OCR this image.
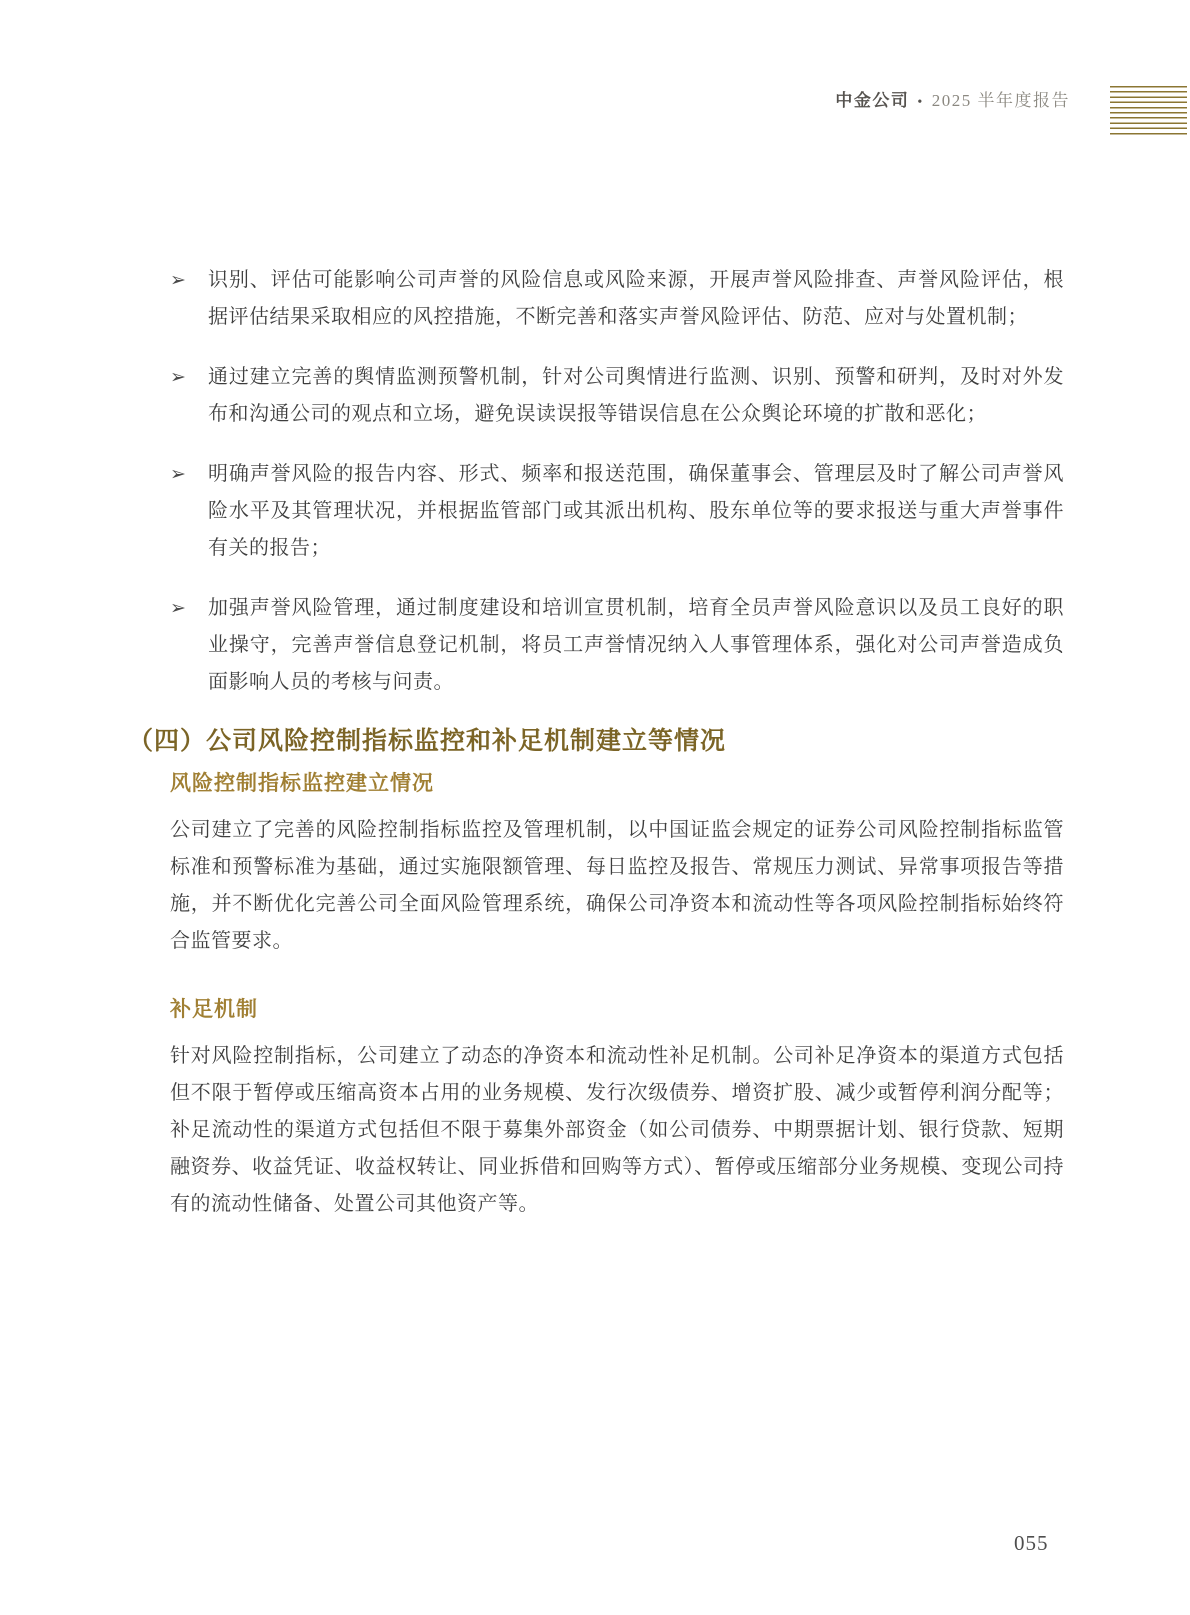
中金公司 • 2025 半年度报告
➢ 识别、评估可能影响公司声誉的风险信息或风险来源，开展声誉风险排查、声誉风险评估，根据评估结果采取相应的风控措施，不断完善和落实声誉风险评估、防范、应对与处置机制；
➢ 通过建立完善的舆情监测预警机制，针对公司舆情进行监测、识别、预警和研判，及时对外发布和沟通公司的观点和立场，避免误读误报等错误信息在公众舆论环境的扩散和恶化；
➢ 明确声誉风险的报告内容、形式、频率和报送范围，确保董事会、管理层及时了解公司声誉风险水平及其管理状况，并根据监管部门或其派出机构、股东单位等的要求报送与重大声誉事件有关的报告；
➢ 加强声誉风险管理，通过制度建设和培训宣贯机制，培育全员声誉风险意识以及员工良好的职业操守，完善声誉信息登记机制，将员工声誉情况纳入人事管理体系，强化对公司声誉造成负面影响人员的考核与问责。
（四）公司风险控制指标监控和补足机制建立等情况
风险控制指标监控建立情况

公司建立了完善的风险控制指标监控及管理机制，以中国证监会规定的证券公司风险控制指标监管标准和预警标准为基础，通过实施限额管理、每日监控及报告、常规压力测试、异常事项报告等措施，并不断优化完善公司全面风险管理系统，确保公司净资本和流动性等各项风险控制指标始终符合监管要求。

补足机制

针对风险控制指标，公司建立了动态的净资本和流动性补足机制。公司补足净资本的渠道方式包括但不限于暂停或压缩高资本占用的业务规模、发行次级债券、增资扩股、减少或暂停利润分配等；补足流动性的渠道方式包括但不限于募集外部资金（如公司债券、中期票据计划、银行贷款、短期融资券、收益凭证、收益权转让、同业拆借和回购等方式）、暂停或压缩部分业务规模、变现公司持有的流动性储备、处置公司其他资产等。

055
